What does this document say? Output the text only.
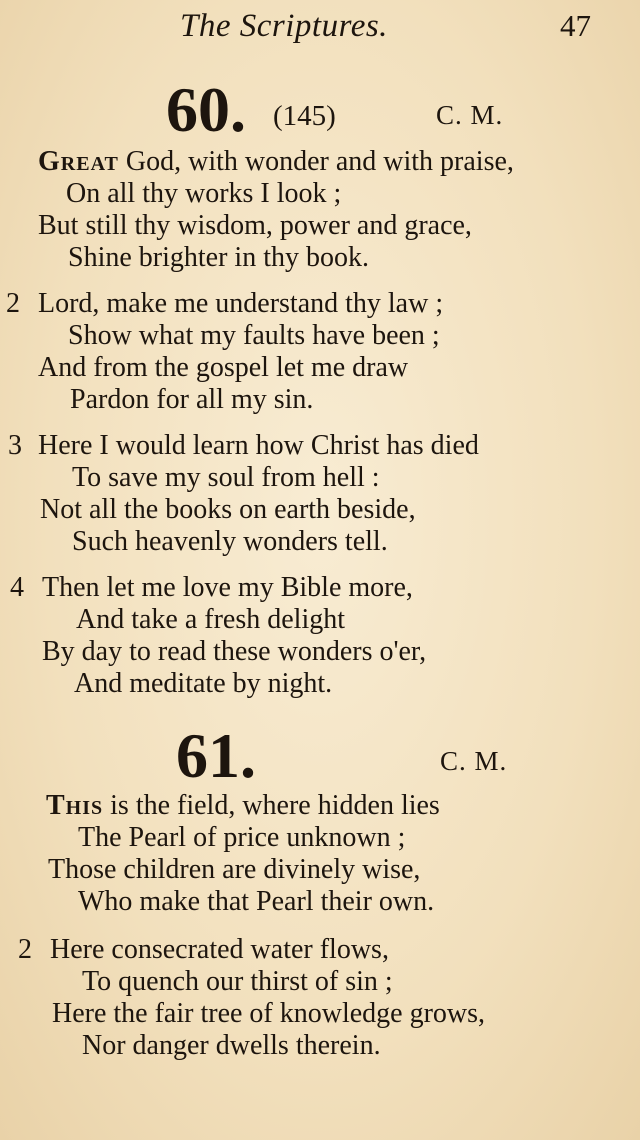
The Scriptures.	47
60. (145)	C. M.
Great God, with wonder and with praise,
On all thy works I look ;
But still thy wisdom, power and grace,
Shine brighter in thy book.
2 Lord, make me understand thy law ;
Show what my faults have been ;
And from the gospel let me draw
Pardon for all my sin.
3 Here I would learn how Christ has died
To save my soul from hell :
Not all the books on earth beside,
Such heavenly wonders tell.
4 Then let me love my Bible more,
And take a fresh delight
By day to read these wonders o'er,
And meditate by night.
61.	C. M.
This is the field, where hidden lies
The Pearl of price unknown ;
Those children are divinely wise,
Who make that Pearl their own.
2 Here consecrated water flows,
To quench our thirst of sin ;
Here the fair tree of knowledge grows,
Nor danger dwells therein.
